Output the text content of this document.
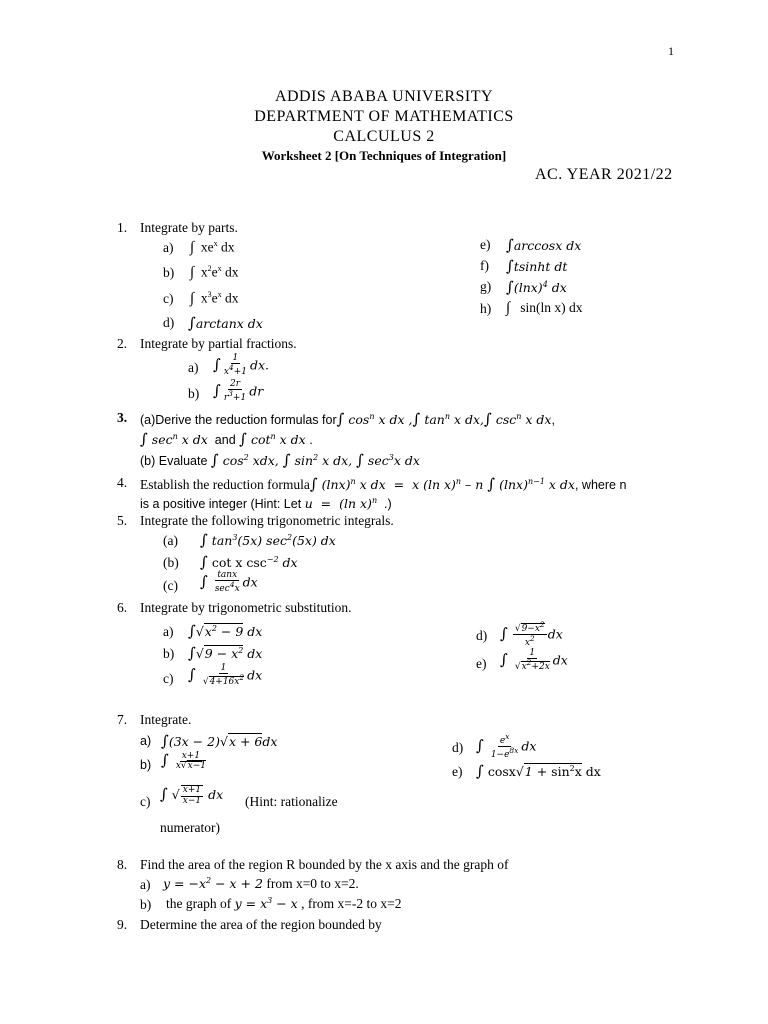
1
ADDIS ABABA UNIVERSITY
DEPARTMENT OF MATHEMATICS
CALCULUS 2
Worksheet 2 [On Techniques of Integration]
AC. YEAR 2021/22
1. Integrate by parts.
a) ∫  $xe^x$ dx
b) ∫  $x^2e^x$ dx
c) ∫  $x^3e^x$ dx
d) ∫arctanx dx
e) ∫arccosx dx
f) ∫tsinht dt
g) $\int(\ln x)^4$ dx
h) ∫ sin(ln x) dx
2. Integrate by partial fractions.
a) ∫ $\frac{1}{x^4+1}$ dx.
b) ∫ $\frac{2r}{r^3+1}$ dr
3. (a)Derive the reduction formulas for∫ $\cos^n x$ dx ,∫ $\tan^n x$ dx,∫ $\csc^n x$ dx,
∫ $\sec^n x$ dx and ∫ $\cot^n x$ dx .
(b) Evaluate ∫ $\cos^2$ xdx, ∫ $\sin^2 x$ dx, ∫ $\sec^3x$ dx
4. Establish the reduction formula∫ $(\ln x)^n$ x dx  =  x (ln x)$^n$ – n ∫ $(\ln x)^{n-1}$ x dx, where n
is a positive integer (Hint: Let u  =  (ln x)$^n$  .)
5. Integrate the following trigonometric integrals.
(a) ∫ $\tan^3(5x)$ $\sec^2(5x)$ dx
(b) ∫ cot x $\csc^{-2}$ dx
(c) ∫ $\frac{\tan x}{\sec^4x}$ dx
6. Integrate by trigonometric substitution.
a) $\int√x^2 - 9$ dx
b) $\int√9 - x^2$ dx
c) ∫ $\frac{1}{√4+16x^2}$ dx
d) ∫ $\frac{√9-x^2}{x^2}$ dx
e) ∫ $\frac{1}{√x^2+2x}$ dx
7. Integrate.
a) ∫(3x − 2)√x + 6dx
b) ∫ $\frac{x+1}{x√x-1}$
c) ∫ √ $\frac{x+1}{x-1}$ dx (Hint: rationalize
numerator)
d) ∫ $\frac{e^x}{1-e^{8x}}$ dx
e) ∫ $\cos x√1 + \sin^2x$ dx
8. Find the area of the region R bounded by the x axis and the graph of
a) $y = -x^2 - x + 2$ from x=0 to x=2.
b) the graph of $y = x^3 - x$ , from x=-2 to x=2
9. Determine the area of the region bounded by
